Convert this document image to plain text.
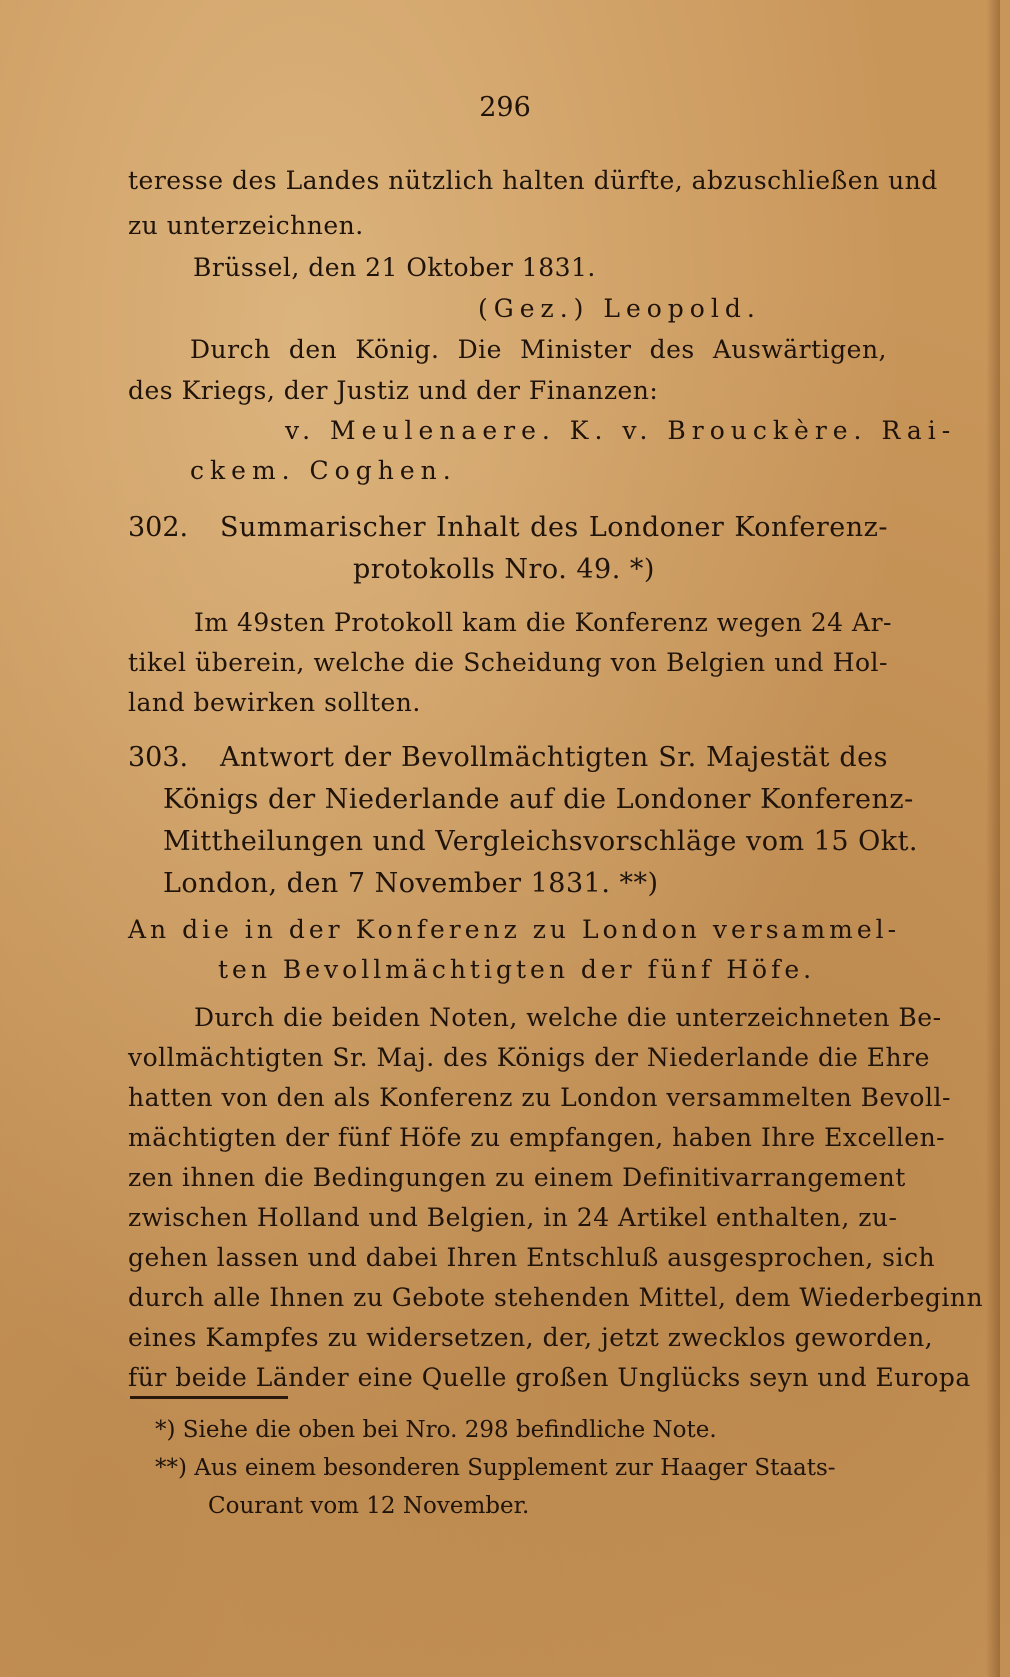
296
teresse des Landes nützlich halten dürfte, abzuschließen und
zu unterzeichnen.
Brüssel, den 21 Oktober 1831.
(Gez.) Leopold.
Durch den König. Die Minister des Auswärtigen,
des Kriegs, der Justiz und der Finanzen:
v. Meulenaere. K. v. Brouckère. Rai-
ckem. Coghen.
302. Summarischer Inhalt des Londoner Konferenz-
protokolls Nro. 49. *)
Im 49sten Protokoll kam die Konferenz wegen 24 Ar-
tikel überein, welche die Scheidung von Belgien und Hol-
land bewirken sollten.
303. Antwort der Bevollmächtigten Sr. Majestät des
Königs der Niederlande auf die Londoner Konferenz-
Mittheilungen und Vergleichsvorschläge vom 15 Okt.
London, den 7 November 1831. **)
An die in der Konferenz zu London versammel-
ten Bevollmächtigten der fünf Höfe.
Durch die beiden Noten, welche die unterzeichneten Be-
vollmächtigten Sr. Maj. des Königs der Niederlande die Ehre
hatten von den als Konferenz zu London versammelten Bevoll-
mächtigten der fünf Höfe zu empfangen, haben Ihre Excellen-
zen ihnen die Bedingungen zu einem Definitivarrangement
zwischen Holland und Belgien, in 24 Artikel enthalten, zu-
gehen lassen und dabei Ihren Entschluß ausgesprochen, sich
durch alle Ihnen zu Gebote stehenden Mittel, dem Wiederbeginn
eines Kampfes zu widersetzen, der, jetzt zwecklos geworden,
für beide Länder eine Quelle großen Unglücks seyn und Europa
*) Siehe die oben bei Nro. 298 befindliche Note.
**) Aus einem besonderen Supplement zur Haager Staats-
Courant vom 12 November.
